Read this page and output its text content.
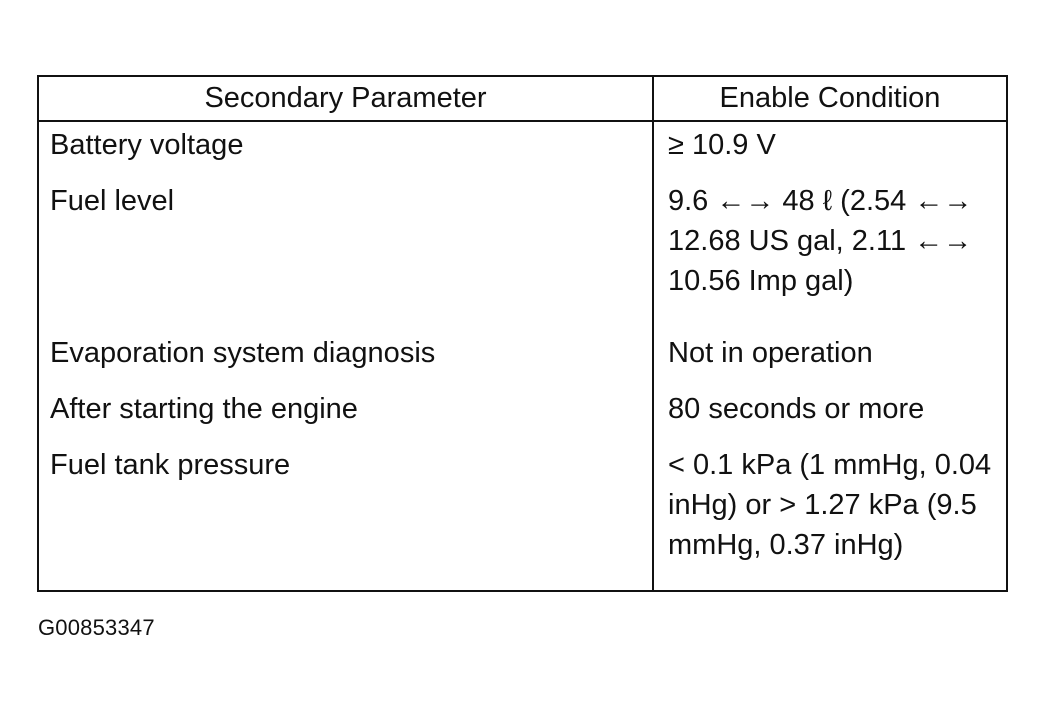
Secondary Parameter	Enable Condition
Battery voltage	≥ 10.9 V
Fuel level	9.6 ←→ 48 ℓ (2.54 ←→ 12.68 US gal, 2.11 ←→ 10.56 Imp gal)
Evaporation system diagnosis	Not in operation
After starting the engine	80 seconds or more
Fuel tank pressure	< 0.1 kPa (1 mmHg, 0.04 inHg) or > 1.27 kPa (9.5 mmHg, 0.37 inHg)

G00853347
